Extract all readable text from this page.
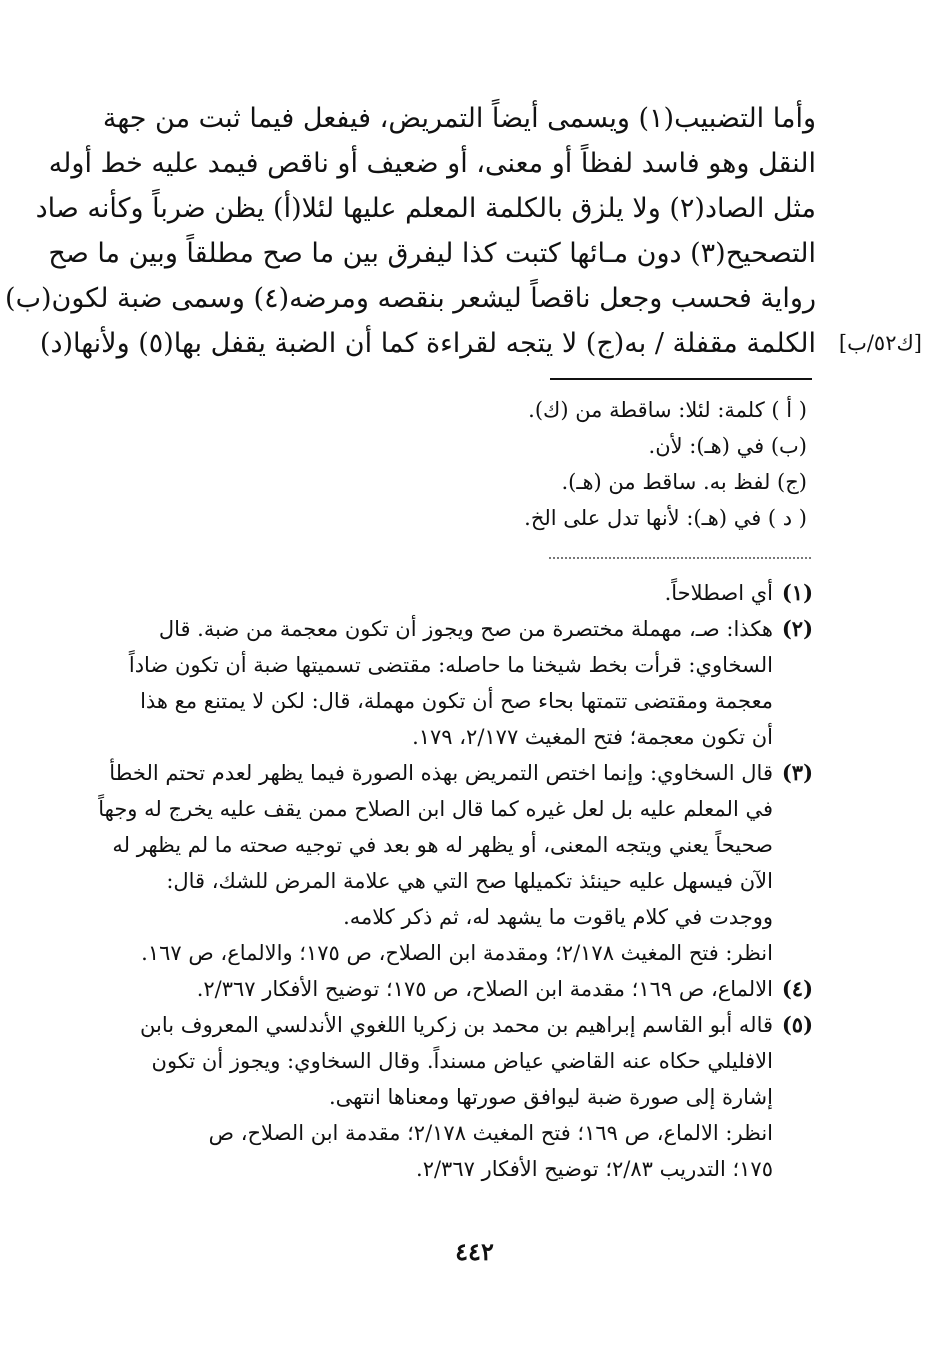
وأما التضبيب(١) ويسمى أيضاً التمريض، فيفعل فيما ثبت من جهة
النقل وهو فاسد لفظاً أو معنى، أو ضعيف أو ناقص فيمد عليه خط أوله
مثل الصاد(٢) ولا يلزق بالكلمة المعلم عليها لئلا(أ) يظن ضرباً وكأنه صاد
التصحيح(٣) دون مـائها كتبت كذا ليفرق بين ما صح مطلقاً وبين ما صح
رواية فحسب وجعل ناقصاً ليشعر بنقصه ومرضه(٤) وسمى ضبة لكون(ب)
الكلمة مقفلة / به(ج) لا يتجه لقراءة كما أن الضبة يقفل بها(٥) ولأنها(د)	[ك٥٢/ب]
( أ ) كلمة: لئلا: ساقطة من (ك).
(ب) في (هـ): لأن.
(ج) لفظ به. ساقط من (هـ).
( د ) في (هـ): لأنها تدل على الخ.
(١)
أي اصطلاحاً.
(٢)
هكذا: صـ، مهملة مختصرة من صح ويجوز أن تكون معجمة من ضبة. قال
السخاوي: قرأت بخط شيخنا ما حاصله: مقتضى تسميتها ضبة أن تكون ضاداً
معجمة ومقتضى تتمتها بحاء صح أن تكون مهملة، قال: لكن لا يمتنع مع هذا
أن تكون معجمة؛ فتح المغيث ٢/١٧٧، ١٧٩.
(٣)
قال السخاوي: وإنما اختص التمريض بهذه الصورة فيما يظهر لعدم تحتم الخطأ
في المعلم عليه بل لعل غيره كما قال ابن الصلاح ممن يقف عليه يخرج له وجهاً
صحيحاً يعني ويتجه المعنى، أو يظهر له هو بعد في توجيه صحته ما لم يظهر له
الآن فيسهل عليه حينئذ تكميلها صح التي هي علامة المرض للشك، قال:
ووجدت في كلام ياقوت ما يشهد له، ثم ذكر كلامه.
انظر: فتح المغيث ٢/١٧٨؛ ومقدمة ابن الصلاح، ص ١٧٥؛ والالماع، ص ١٦٧.
(٤)
الالماع، ص ١٦٩؛ مقدمة ابن الصلاح، ص ١٧٥؛ توضيح الأفكار ٢/٣٦٧.
(٥)
قاله أبو القاسم إبراهيم بن محمد بن زكريا اللغوي الأندلسي المعروف بابن
الافليلي حكاه عنه القاضي عياض مسنداً. وقال السخاوي: ويجوز أن تكون
إشارة إلى صورة ضبة ليوافق صورتها ومعناها انتهى.
انظر: الالماع، ص ١٦٩؛ فتح المغيث ٢/١٧٨؛ مقدمة ابن الصلاح، ص
١٧٥؛ التدريب ٢/٨٣؛ توضيح الأفكار ٢/٣٦٧.
٤٤٢
